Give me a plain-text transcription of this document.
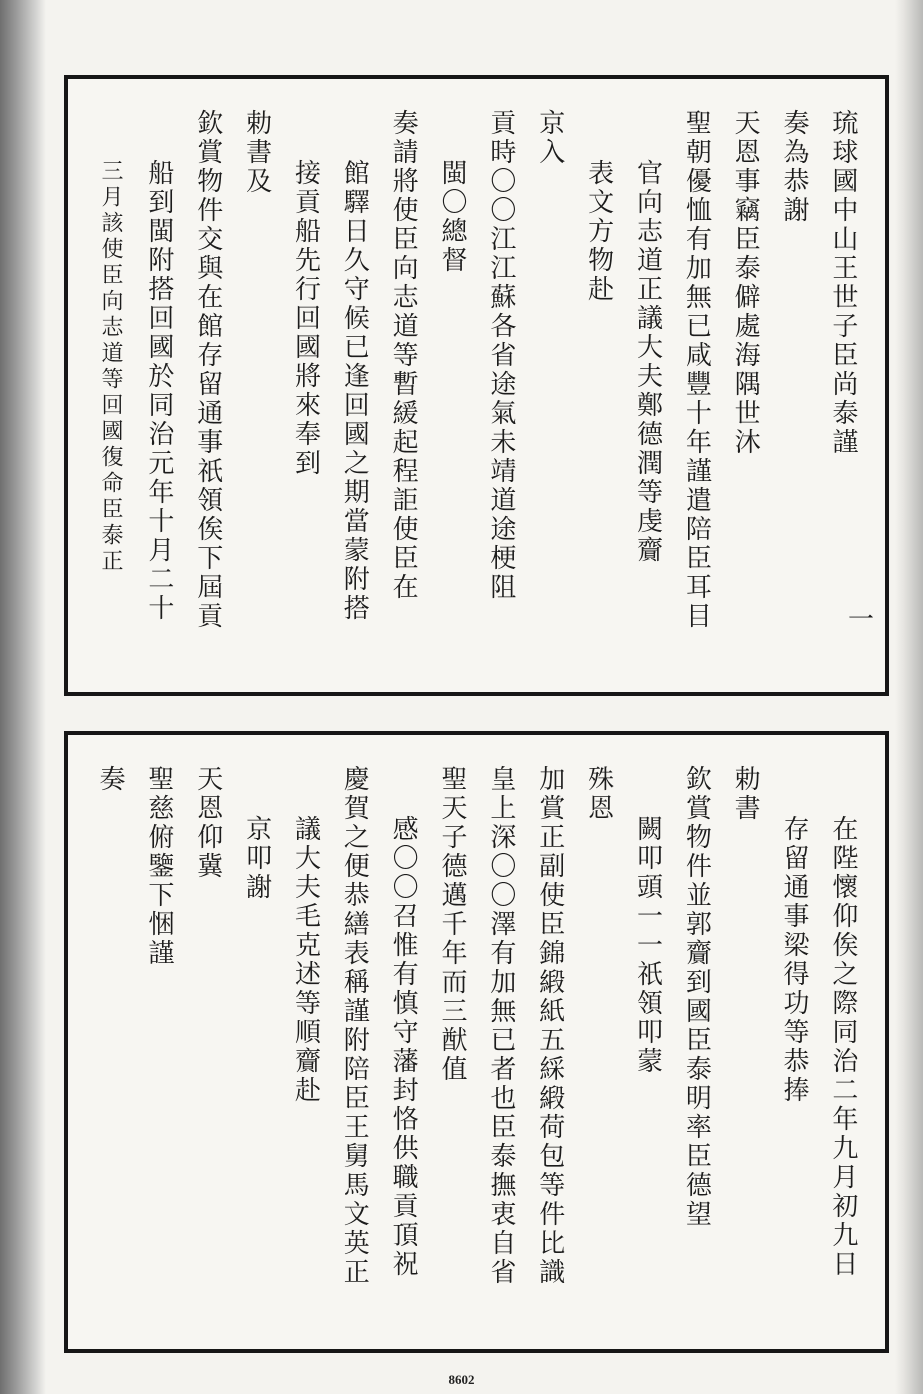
琉球國中山王世子臣尚泰謹
奏為恭謝
天恩事竊臣泰僻處海隅世沐
聖朝優恤有加無已咸豐十年謹遣陪臣耳目
官向志道正議大夫鄭德潤等虔齎
表文方物赴
京入
貢時〇〇江江蘇各省途氣未靖道途梗阻
閩〇總督
奏請將使臣向志道等暫緩起程詎使臣在
館驛日久守候已逢回國之期當蒙附搭
接貢船先行回國將來奉到
勅書及
欽賞物件交與在館存留通事祇領俟下屆貢
船到閩附搭回國於同治元年十月二十
三月該使臣向志道等回國復命臣泰正
一
在陛懷仰俟之際同治二年九月初九日
存留通事梁得功等恭捧
勅書
欽賞物件並郭齎到國臣泰明率臣德望
闕叩頭一一祇領叩蒙
殊恩
加賞正副使臣錦緞紙五綵緞荷包等件比識
皇上深〇〇澤有加無已者也臣泰撫衷自省
聖天子德邁千年而三猷值
感〇〇召惟有慎守藩封恪供職貢頂祝
慶賀之便恭繕表稱謹附陪臣王舅馬文英正
議大夫毛克述等順齎赴
京叩謝
天恩仰冀
聖慈俯鑒下悃謹
奏
8602
